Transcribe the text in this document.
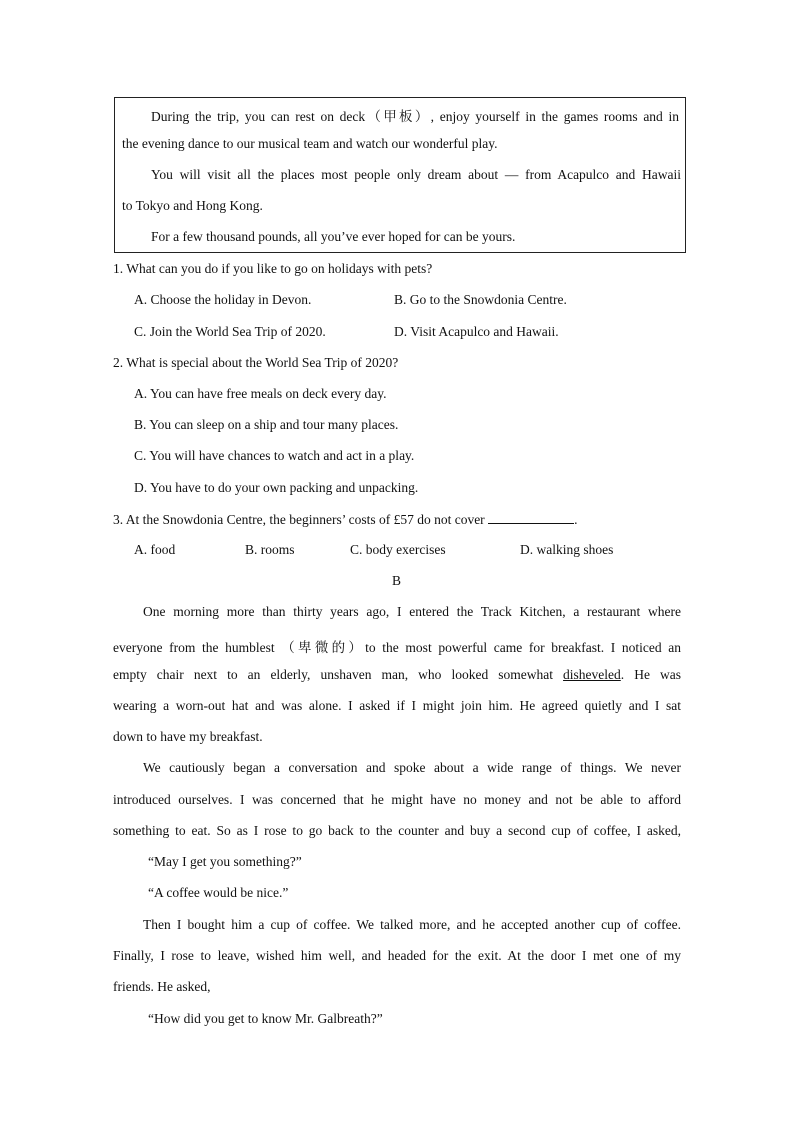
During the trip, you can rest on deck（甲板）, enjoy yourself in the games rooms and in
the evening dance to our musical team and watch our wonderful play.
You will visit all the places most people only dream about — from Acapulco and Hawaii
to Tokyo and Hong Kong.
For a few thousand pounds, all you’ve ever hoped for can be yours.
1. What can you do if you like to go on holidays with pets?
A. Choose the holiday in Devon.	B. Go to the Snowdonia Centre.
C. Join the World Sea Trip of 2020.	D. Visit Acapulco and Hawaii.
2. What is special about the World Sea Trip of 2020?
A. You can have free meals on deck every day.
B. You can sleep on a ship and tour many places.
C. You will have chances to watch and act in a play.
D. You have to do your own packing and unpacking.
3. At the Snowdonia Centre, the beginners’ costs of £57 do not cover	.
A. food	B. rooms	C. body exercises	D. walking shoes
B
One morning more than thirty years ago, I entered the Track Kitchen, a restaurant where
everyone from the humblest （卑微的）to the most powerful came for breakfast. I noticed an
empty chair next to an elderly, unshaven man, who looked somewhat disheveled. He was
wearing a worn-out hat and was alone. I asked if I might join him. He agreed quietly and I sat
down to have my breakfast.
We cautiously began a conversation and spoke about a wide range of things. We never
introduced ourselves. I was concerned that he might have no money and not be able to afford
something to eat. So as I rose to go back to the counter and buy a second cup of coffee, I asked,
“May I get you something?”
“A coffee would be nice.”
Then I bought him a cup of coffee. We talked more, and he accepted another cup of coffee.
Finally, I rose to leave, wished him well, and headed for the exit. At the door I met one of my
friends. He asked,
“How did you get to know Mr. Galbreath?”
